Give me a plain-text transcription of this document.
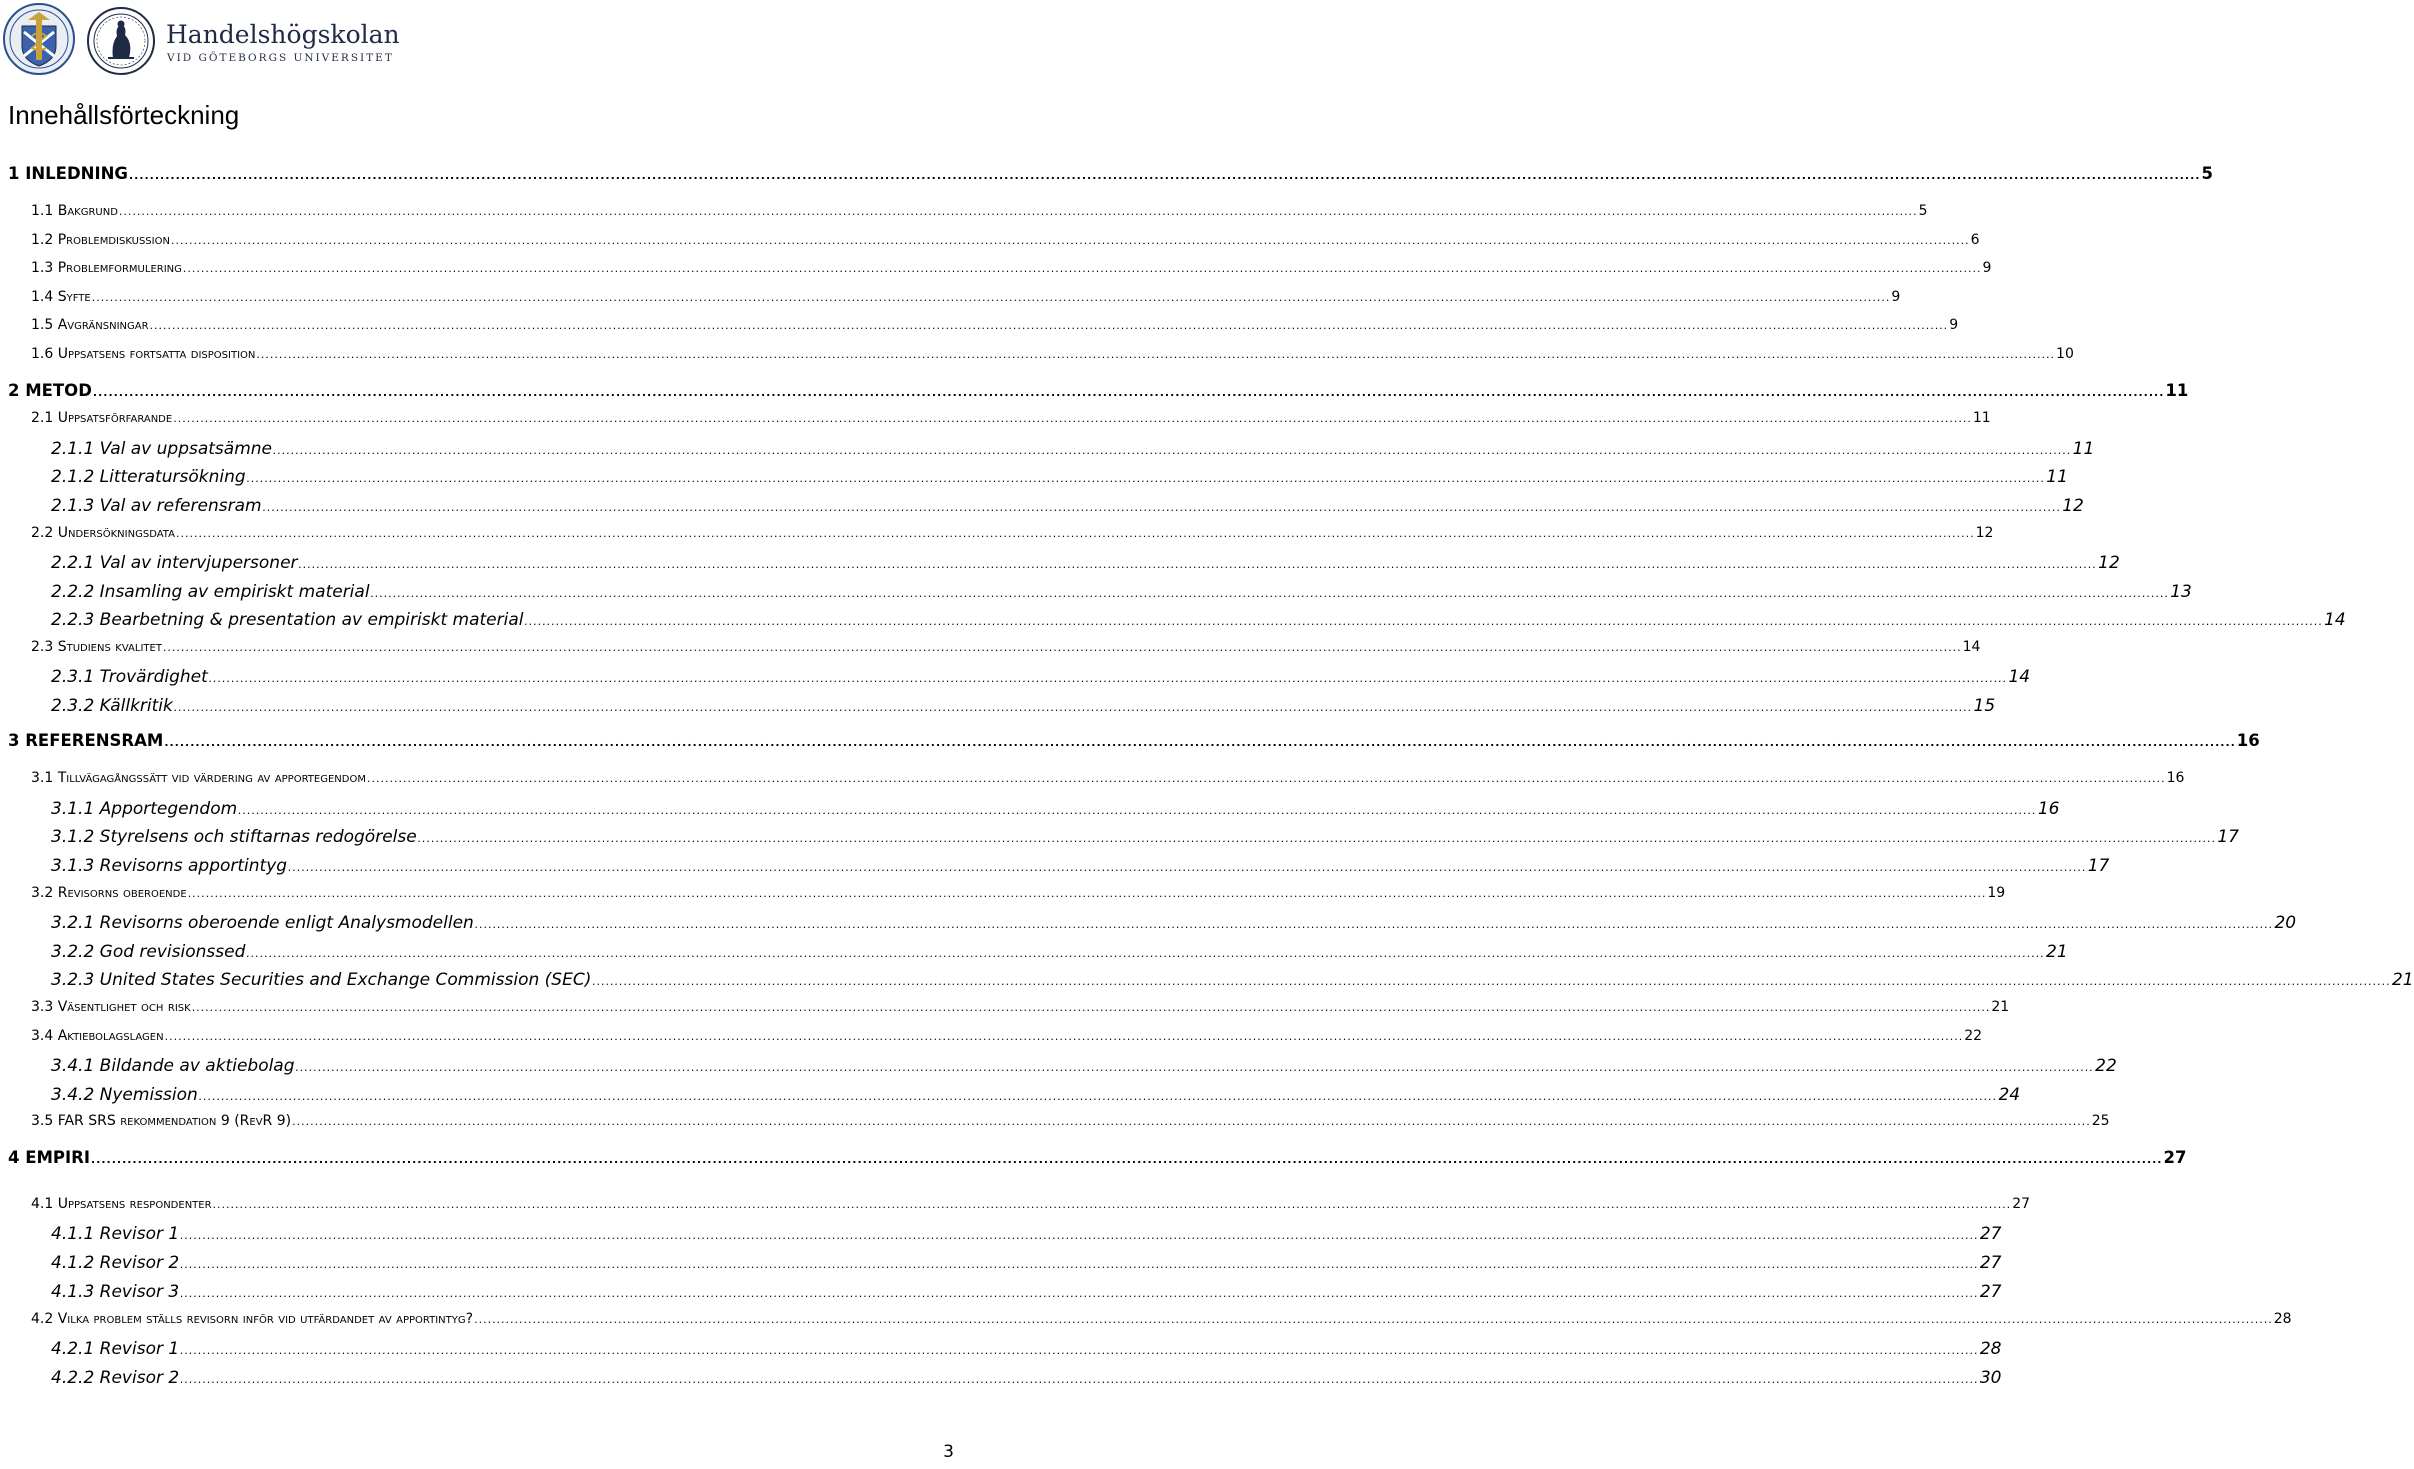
Handelshögskolan
VID GÖTEBORGS UNIVERSITET
Innehållsförteckning
1 INLEDNING ................................................................................................................................................................................................................................................................................................................................................................................................................ 5
1.1 Bakgrund ................................................................................................................................................................................................................................................................................................................................................................................................................ 5
1.2 Problemdiskussion ................................................................................................................................................................................................................................................................................................................................................................................................................ 6
1.3 Problemformulering ................................................................................................................................................................................................................................................................................................................................................................................................................ 9
1.4 Syfte ................................................................................................................................................................................................................................................................................................................................................................................................................ 9
1.5 Avgränsningar ................................................................................................................................................................................................................................................................................................................................................................................................................ 9
1.6 Uppsatsens fortsatta disposition ................................................................................................................................................................................................................................................................................................................................................................................................................ 10
2 METOD ................................................................................................................................................................................................................................................................................................................................................................................................................ 11
2.1 Uppsatsförfarande ................................................................................................................................................................................................................................................................................................................................................................................................................ 11
2.1.1 Val av uppsatsämne ................................................................................................................................................................................................................................................................................................................................................................................................................ 11
2.1.2 Litteratursökning ................................................................................................................................................................................................................................................................................................................................................................................................................ 11
2.1.3 Val av referensram ................................................................................................................................................................................................................................................................................................................................................................................................................ 12
2.2 Undersökningsdata ................................................................................................................................................................................................................................................................................................................................................................................................................ 12
2.2.1 Val av intervjupersoner ................................................................................................................................................................................................................................................................................................................................................................................................................ 12
2.2.2 Insamling av empiriskt material ................................................................................................................................................................................................................................................................................................................................................................................................................ 13
2.2.3 Bearbetning & presentation av empiriskt material ................................................................................................................................................................................................................................................................................................................................................................................................................ 14
2.3 Studiens kvalitet ................................................................................................................................................................................................................................................................................................................................................................................................................ 14
2.3.1 Trovärdighet ................................................................................................................................................................................................................................................................................................................................................................................................................ 14
2.3.2 Källkritik ................................................................................................................................................................................................................................................................................................................................................................................................................ 15
3 REFERENSRAM ................................................................................................................................................................................................................................................................................................................................................................................................................ 16
3.1 Tillvägagångssätt vid värdering av apportegendom ................................................................................................................................................................................................................................................................................................................................................................................................................ 16
3.1.1 Apportegendom ................................................................................................................................................................................................................................................................................................................................................................................................................ 16
3.1.2 Styrelsens och stiftarnas redogörelse ................................................................................................................................................................................................................................................................................................................................................................................................................ 17
3.1.3 Revisorns apportintyg ................................................................................................................................................................................................................................................................................................................................................................................................................ 17
3.2 Revisorns oberoende ................................................................................................................................................................................................................................................................................................................................................................................................................ 19
3.2.1 Revisorns oberoende enligt Analysmodellen ................................................................................................................................................................................................................................................................................................................................................................................................................ 20
3.2.2 God revisionssed ................................................................................................................................................................................................................................................................................................................................................................................................................ 21
3.2.3 United States Securities and Exchange Commission (SEC) ................................................................................................................................................................................................................................................................................................................................................................................................................ 21
3.3 Väsentlighet och risk ................................................................................................................................................................................................................................................................................................................................................................................................................ 21
3.4 Aktiebolagslagen ................................................................................................................................................................................................................................................................................................................................................................................................................ 22
3.4.1 Bildande av aktiebolag ................................................................................................................................................................................................................................................................................................................................................................................................................ 22
3.4.2 Nyemission ................................................................................................................................................................................................................................................................................................................................................................................................................ 24
3.5 FAR SRS rekommendation 9 (RevR 9) ................................................................................................................................................................................................................................................................................................................................................................................................................ 25
4 EMPIRI ................................................................................................................................................................................................................................................................................................................................................................................................................ 27
4.1 Uppsatsens respondenter ................................................................................................................................................................................................................................................................................................................................................................................................................ 27
4.1.1 Revisor 1 ................................................................................................................................................................................................................................................................................................................................................................................................................ 27
4.1.2 Revisor 2 ................................................................................................................................................................................................................................................................................................................................................................................................................ 27
4.1.3 Revisor 3 ................................................................................................................................................................................................................................................................................................................................................................................................................ 27
4.2 Vilka problem ställs revisorn inför vid utfärdandet av apportintyg? ................................................................................................................................................................................................................................................................................................................................................................................................................ 28
4.2.1 Revisor 1 ................................................................................................................................................................................................................................................................................................................................................................................................................ 28
4.2.2 Revisor 2 ................................................................................................................................................................................................................................................................................................................................................................................................................ 30
3
